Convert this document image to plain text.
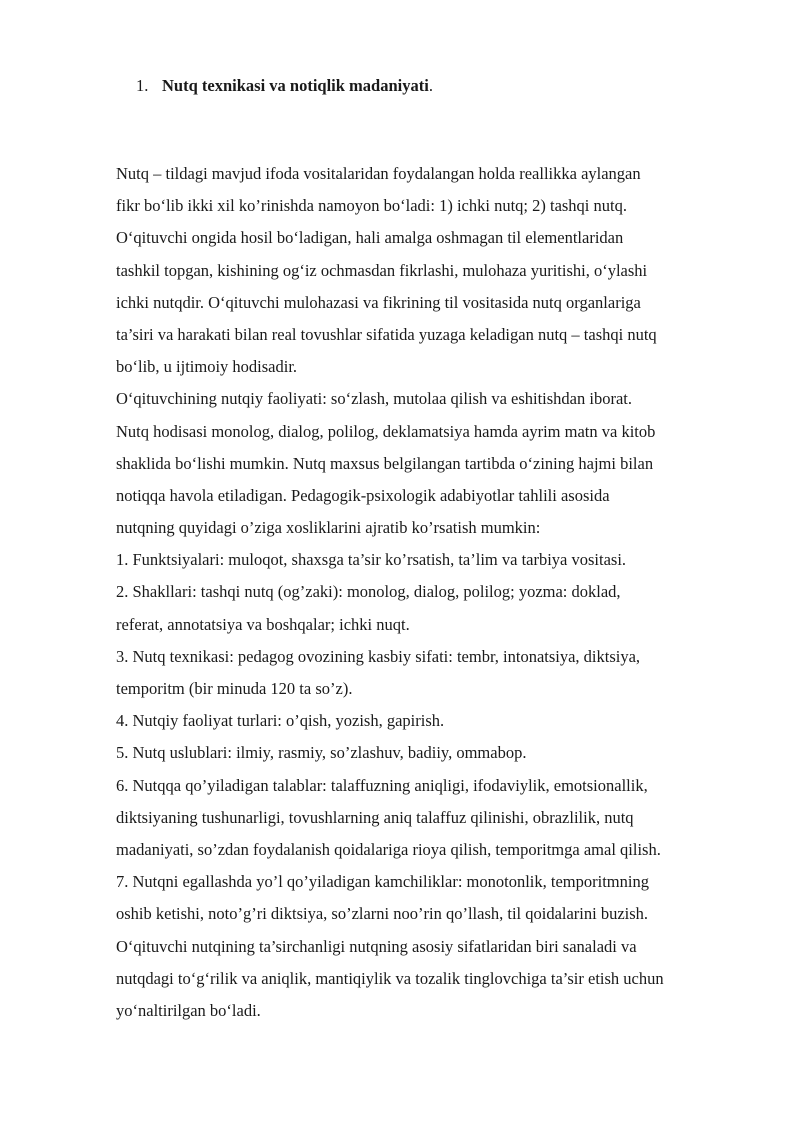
1. Nutq texnikasi va notiqlik madaniyati.
Nutq – tildagi mavjud ifoda vositalaridan foydalangan holda reallikka aylangan
fikr bo‘lib ikki xil ko’rinishda namoyon bo‘ladi: 1) ichki nutq; 2) tashqi nutq.
O‘qituvchi ongida hosil bo‘ladigan, hali amalga oshmagan til elementlaridan
tashkil topgan, kishining og‘iz ochmasdan fikrlashi, mulohaza yuritishi, o‘ylashi
ichki nutqdir. O‘qituvchi mulohazasi va fikrining til vositasida nutq organlariga
ta’siri va harakati bilan real tovushlar sifatida yuzaga keladigan nutq – tashqi nutq
bo‘lib, u ijtimoiy hodisadir.
O‘qituvchining nutqiy faoliyati: so‘zlash, mutolaa qilish va eshitishdan iborat.
Nutq hodisasi monolog, dialog, polilog, deklamatsiya hamda ayrim matn va kitob
shaklida bo‘lishi mumkin. Nutq maxsus belgilangan tartibda o‘zining hajmi bilan
notiqqa havola etiladigan. Pedagogik-psixologik adabiyotlar tahlili asosida
nutqning quyidagi o’ziga xosliklarini ajratib ko’rsatish mumkin:
1. Funktsiyalari: muloqot, shaxsga ta’sir ko’rsatish, ta’lim va tarbiya vositasi.
2. Shakllari: tashqi nutq (og’zaki): monolog, dialog, polilog; yozma: doklad,
referat, annotatsiya va boshqalar; ichki nuqt.
3. Nutq texnikasi: pedagog ovozining kasbiy sifati: tembr, intonatsiya, diktsiya,
temporitm (bir minuda 120 ta so’z).
4. Nutqiy faoliyat turlari: o’qish, yozish, gapirish.
5. Nutq uslublari: ilmiy, rasmiy, so’zlashuv, badiiy, ommabop.
6. Nutqqa qo’yiladigan talablar: talaffuzning aniqligi, ifodaviylik, emotsionallik,
diktsiyaning tushunarligi, tovushlarning aniq talaffuz qilinishi, obrazlilik, nutq
madaniyati, so’zdan foydalanish qoidalariga rioya qilish, temporitmga amal qilish.
7. Nutqni egallashda yo’l qo’yiladigan kamchiliklar: monotonlik, temporitmning
oshib ketishi, noto’g’ri diktsiya, so’zlarni noo’rin qo’llash, til qoidalarini buzish.
O‘qituvchi nutqining ta’sirchanligi nutqning asosiy sifatlaridan biri sanaladi va
nutqdagi to‘g‘rilik va aniqlik, mantiqiylik va tozalik tinglovchiga ta’sir etish uchun
yo‘naltirilgan bo‘ladi.
